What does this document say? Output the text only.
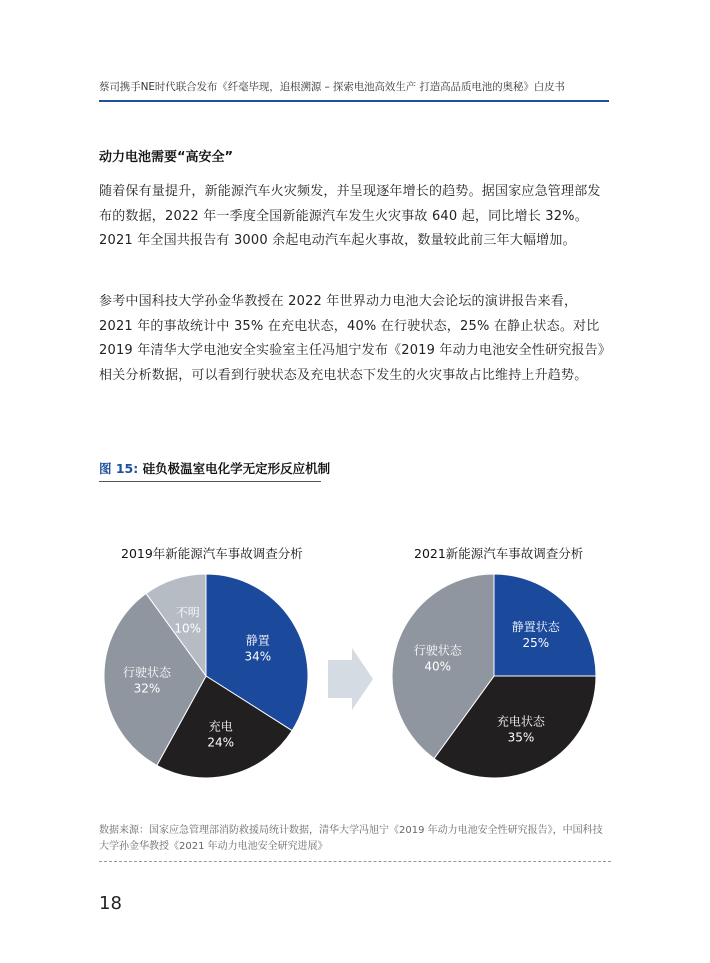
蔡司携手NE时代联合发布《纤毫毕现，追根溯源 – 探索电池高效生产 打造高品质电池的奥秘》白皮书
动力电池需要“高安全”

随着保有量提升，新能源汽车火灾频发，并呈现逐年增长的趋势。据国家应急管理部发布的数据，2022 年一季度全国新能源汽车发生火灾事故 640 起，同比增长 32%。2021 年全国共报告有 3000 余起电动汽车起火事故，数量较此前三年大幅增加。

参考中国科技大学孙金华教授在 2022 年世界动力电池大会论坛的演讲报告来看，2021 年的事故统计中 35% 在充电状态，40% 在行驶状态，25% 在静止状态。对比 2019 年清华大学电池安全实验室主任冯旭宁发布《2019 年动力电池安全性研究报告》相关分析数据，可以看到行驶状态及充电状态下发生的火灾事故占比维持上升趋势。

图 15: 硅负极温室电化学无定形反应机制
2019年新能源汽车事故调查分析	2021新能源汽车事故调查分析
静置
34%
充电
24%
行驶状态
32%
不明
10%	静置状态
25%
充电状态
35%
行驶状态
40%

数据来源：国家应急管理部消防救援局统计数据，清华大学冯旭宁《2019 年动力电池安全性研究报告》，中国科技大学孙金华教授《2021 年动力电池安全研究进展》

18
